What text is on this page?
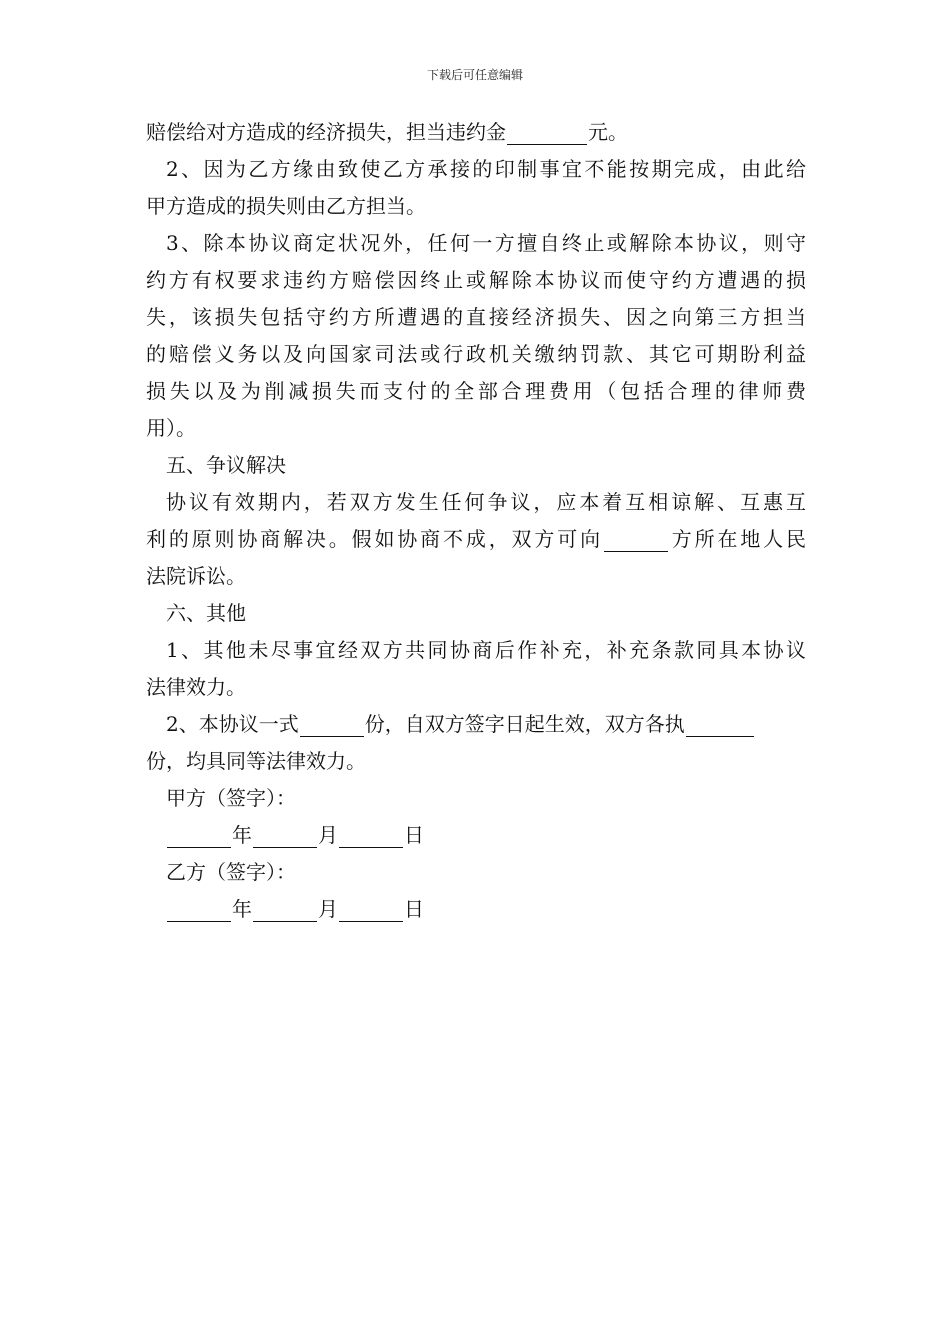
下载后可任意编辑
赔偿给对方造成的经济损失，担当违约金	元。
2、因为乙方缘由致使乙方承接的印制事宜不能按期完成，由此给
甲方造成的损失则由乙方担当。
3、除本协议商定状况外，任何一方擅自终止或解除本协议，则守
约方有权要求违约方赔偿因终止或解除本协议而使守约方遭遇的损
失，该损失包括守约方所遭遇的直接经济损失、因之向第三方担当
的赔偿义务以及向国家司法或行政机关缴纳罚款、其它可期盼利益
损失以及为削减损失而支付的全部合理费用（包括合理的律师费
用）。
五、争议解决
协议有效期内，若双方发生任何争议，应本着互相谅解、互惠互
利的原则协商解决。假如协商不成，双方可向	方所在地人民
法院诉讼。
六、其他
1、其他未尽事宜经双方共同协商后作补充，补充条款同具本协议
法律效力。
2、本协议一式	份，自双方签字日起生效，双方各执
份，均具同等法律效力。
甲方（签字）：
年	月	日
乙方（签字）：
年	月	日
